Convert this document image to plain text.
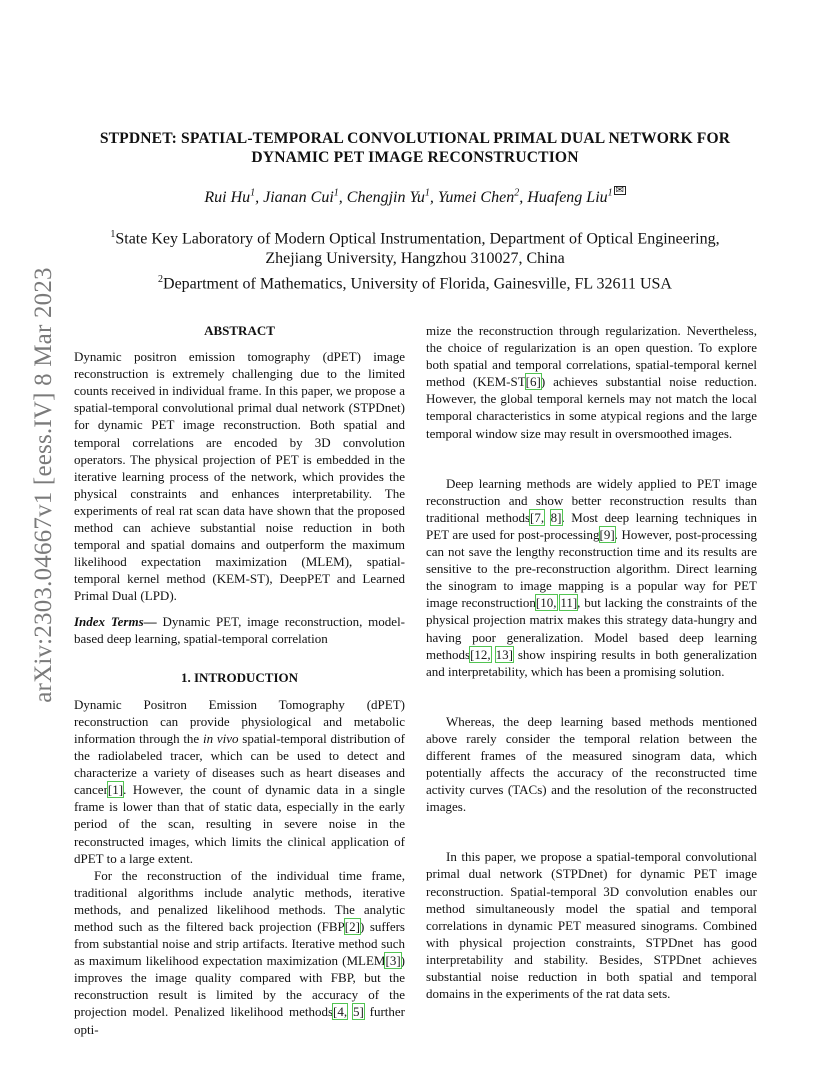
arXiv:2303.04667v1 [eess.IV] 8 Mar 2023
STPDNET: SPATIAL-TEMPORAL CONVOLUTIONAL PRIMAL DUAL NETWORK FOR
DYNAMIC PET IMAGE RECONSTRUCTION
Rui Hu$^1$, Jianan Cui$^1$, Chengjin Yu$^1$, Yumei Chen$^2$, Huafeng Liu$^1$ ✉
$^1$State Key Laboratory of Modern Optical Instrumentation, Department of Optical Engineering,
Zhejiang University, Hangzhou 310027, China
$^2$Department of Mathematics, University of Florida, Gainesville, FL 32611 USA
ABSTRACT

Dynamic positron emission tomography (dPET) image reconstruction is extremely challenging due to the limited counts received in individual frame. In this paper, we propose a spatial-temporal convolutional primal dual network (STPDnet) for dynamic PET image reconstruction. Both spatial and temporal correlations are encoded by 3D convolution operators. The physical projection of PET is embedded in the iterative learning process of the network, which provides the physical constraints and enhances interpretability. The experiments of real rat scan data have shown that the proposed method can achieve substantial noise reduction in both temporal and spatial domains and outperform the maximum likelihood expectation maximization (MLEM), spatial-temporal kernel method (KEM-ST), DeepPET and Learned Primal Dual (LPD).

Index Terms— Dynamic PET, image reconstruction, model-based deep learning, spatial-temporal correlation

1. INTRODUCTION

Dynamic Positron Emission Tomography (dPET) reconstruction can provide physiological and metabolic information through the in vivo spatial-temporal distribution of the radiolabeled tracer, which can be used to detect and characterize a variety of diseases such as heart diseases and cancer[1]. However, the count of dynamic data in a single frame is lower than that of static data, especially in the early period of the scan, resulting in severe noise in the reconstructed images, which limits the clinical application of dPET to a large extent.

For the reconstruction of the individual time frame, traditional algorithms include analytic methods, iterative methods, and penalized likelihood methods. The analytic method such as the filtered back projection (FBP[2]) suffers from substantial noise and strip artifacts. Iterative method such as maximum likelihood expectation maximization (MLEM[3]) improves the image quality compared with FBP, but the reconstruction result is limited by the accuracy of the projection model. Penalized likelihood methods[4, 5] further opti-

mize the reconstruction through regularization. Nevertheless, the choice of regularization is an open question. To explore both spatial and temporal correlations, spatial-temporal kernel method (KEM-ST[6]) achieves substantial noise reduction. However, the global temporal kernels may not match the local temporal characteristics in some atypical regions and the large temporal window size may result in oversmoothed images.

Deep learning methods are widely applied to PET image reconstruction and show better reconstruction results than traditional methods[7, 8]. Most deep learning techniques in PET are used for post-processing[9]. However, post-processing can not save the lengthy reconstruction time and its results are sensitive to the pre-reconstruction algorithm. Direct learning the sinogram to image mapping is a popular way for PET image reconstruction[10, 11], but lacking the constraints of the physical projection matrix makes this strategy data-hungry and having poor generalization. Model based deep learning methods[12, 13] show inspiring results in both generalization and interpretability, which has been a promising solution.

Whereas, the deep learning based methods mentioned above rarely consider the temporal relation between the different frames of the measured sinogram data, which potentially affects the accuracy of the reconstructed time activity curves (TACs) and the resolution of the reconstructed images.

In this paper, we propose a spatial-temporal convolutional primal dual network (STPDnet) for dynamic PET image reconstruction. Spatial-temporal 3D convolution enables our method simultaneously model the spatial and temporal correlations in dynamic PET measured sinograms. Combined with physical projection constraints, STPDnet has good interpretability and stability. Besides, STPDnet achieves substantial noise reduction in both spatial and temporal domains in the experiments of the rat data sets.
